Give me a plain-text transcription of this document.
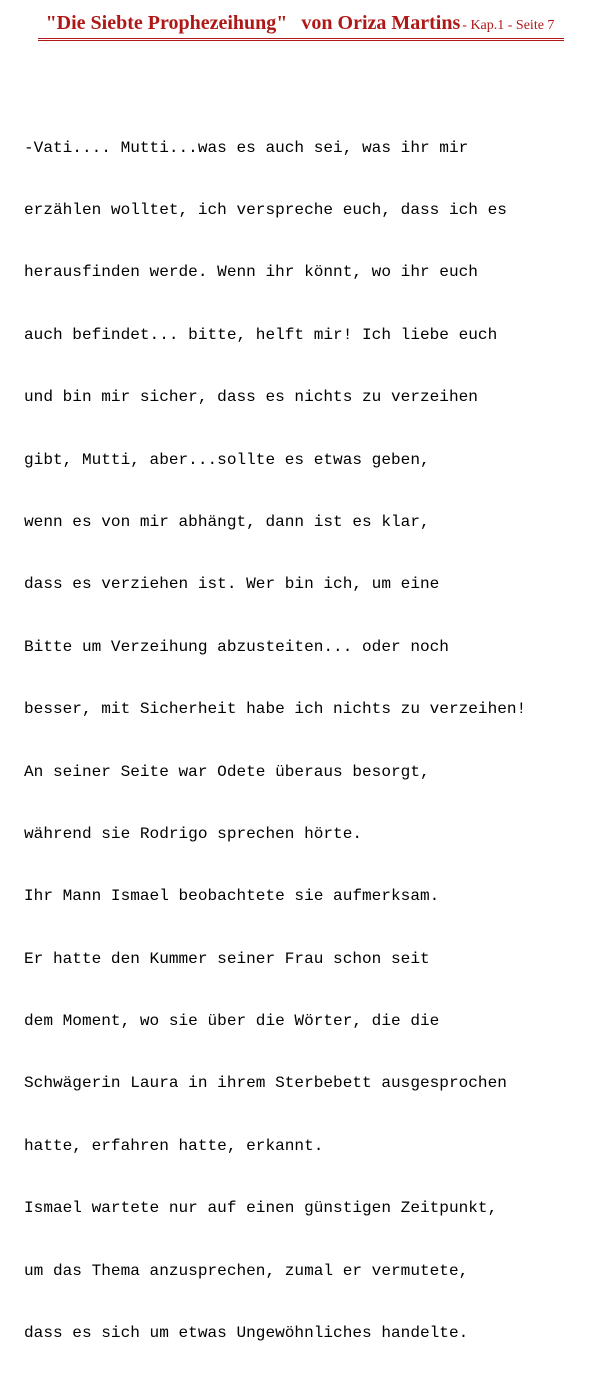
"Die Siebte Prophezeihung" von Oriza Martins - Kap.1 - Seite 7

-Vati.... Mutti...was es auch sei, was ihr mir

erzählen wolltet, ich verspreche euch, dass ich es

herausfinden werde. Wenn ihr könnt, wo ihr euch

auch befindet... bitte, helft mir! Ich liebe euch

und bin mir sicher, dass es nichts zu verzeihen

gibt, Mutti, aber...sollte es etwas geben,

wenn es von mir abhängt, dann ist es klar,

dass es verziehen ist. Wer bin ich, um eine

Bitte um Verzeihung abzusteiten... oder noch

besser, mit Sicherheit habe ich nichts zu verzeihen!

An seiner Seite war Odete überaus besorgt,

während sie Rodrigo sprechen hörte.

Ihr Mann Ismael beobachtete sie aufmerksam.

Er hatte den Kummer seiner Frau schon seit

dem Moment, wo sie über die Wörter, die die

Schwägerin Laura in ihrem Sterbebett ausgesprochen

hatte, erfahren hatte, erkannt.

Ismael wartete nur auf einen günstigen Zeitpunkt,

um das Thema anzusprechen, zumal er vermutete,

dass es sich um etwas Ungewöhnliches handelte.
